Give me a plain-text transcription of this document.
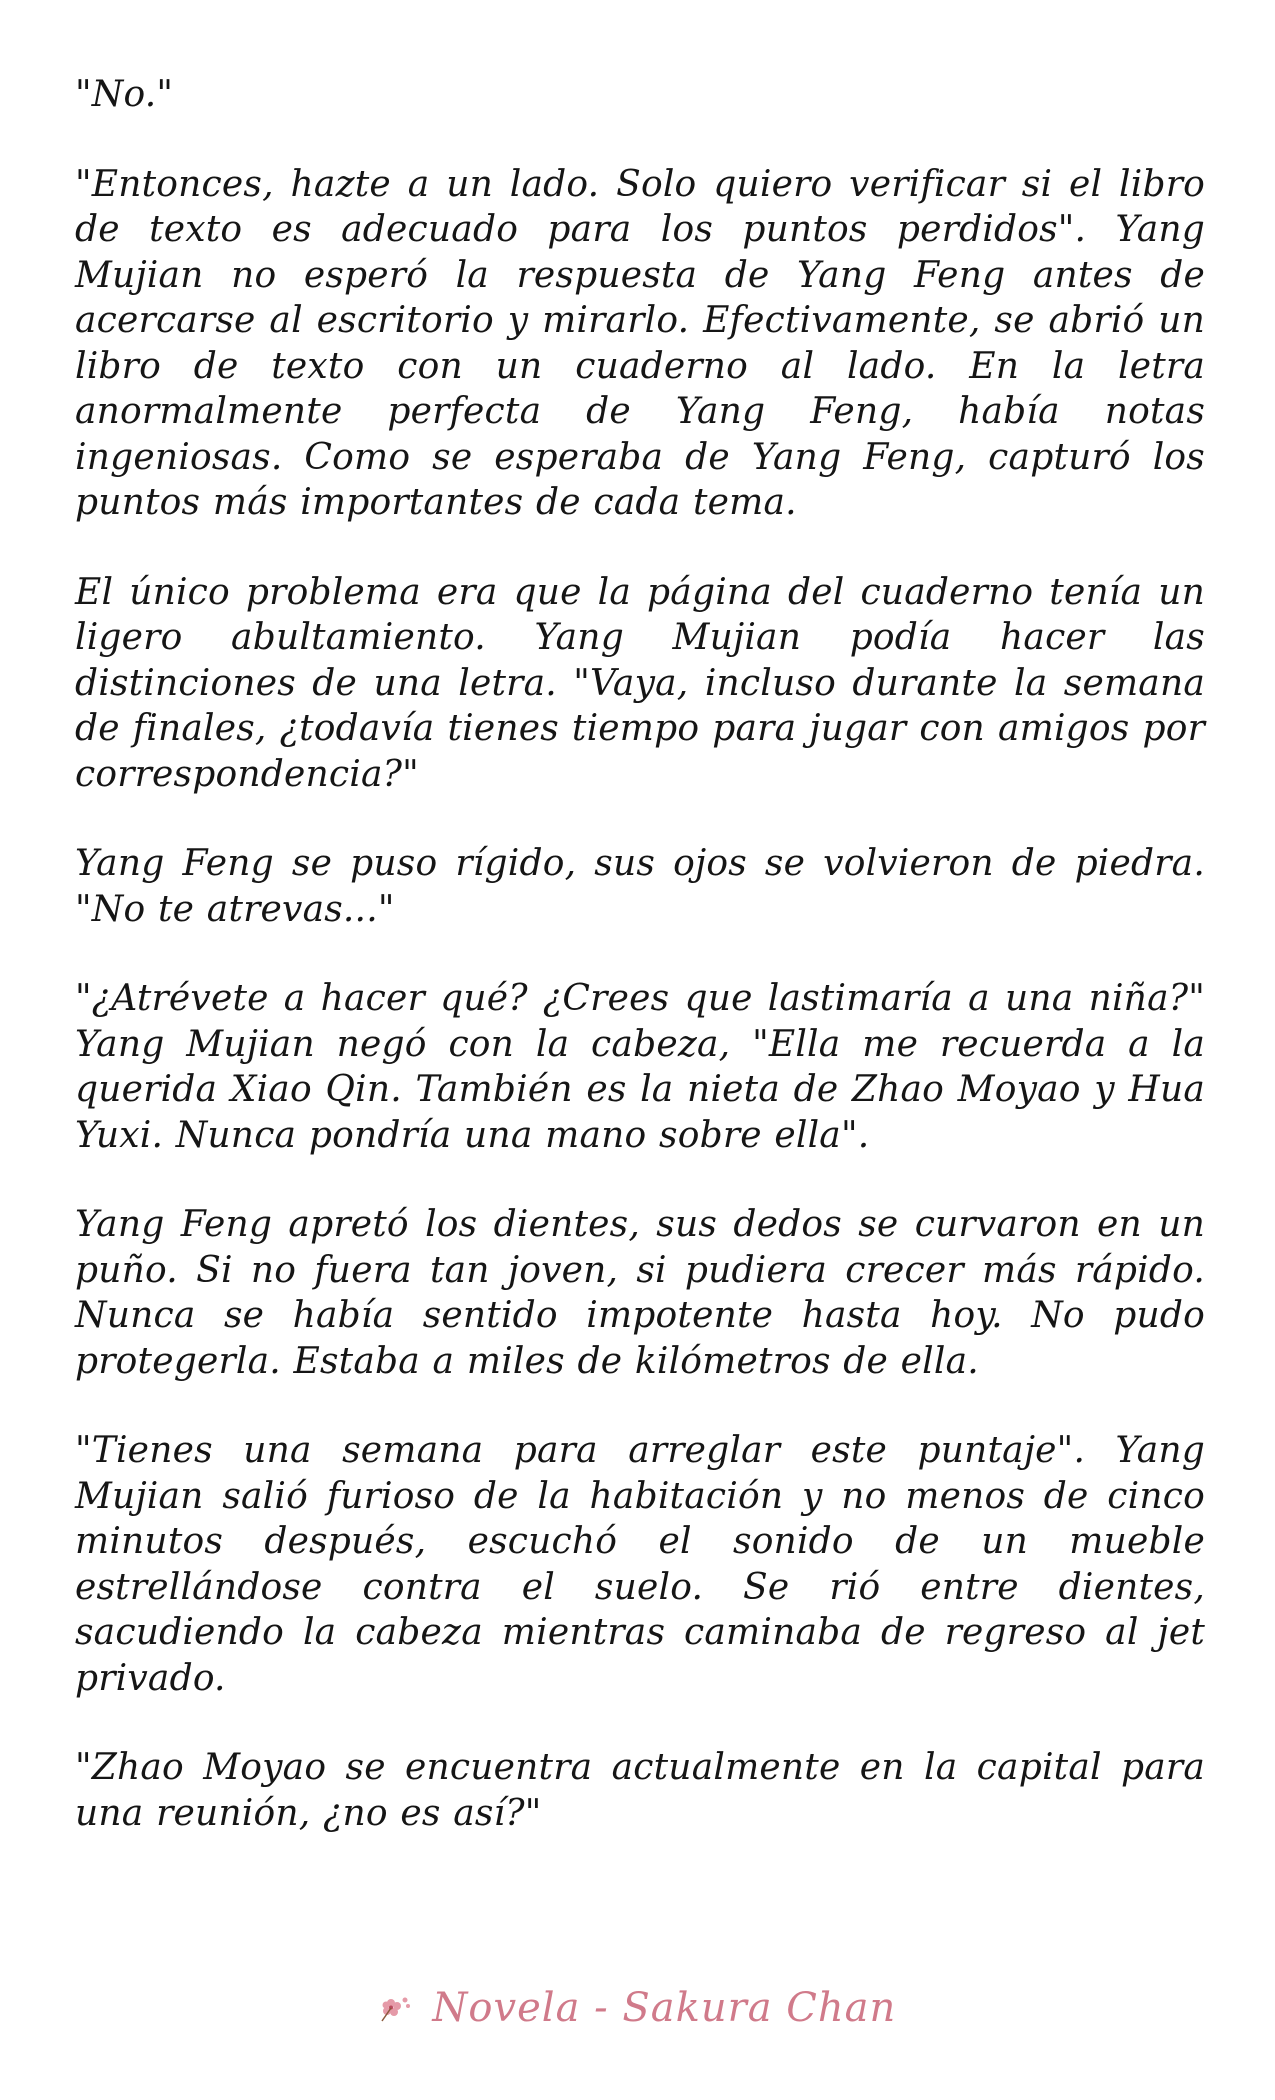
"No."

"Entonces, hazte a un lado. Solo quiero verificar si el libro de texto es adecuado para los puntos perdidos". Yang Mujian no esperó la respuesta de Yang Feng antes de acercarse al escritorio y mirarlo. Efectivamente, se abrió un libro de texto con un cuaderno al lado. En la letra anormalmente perfecta de Yang Feng, había notas ingeniosas. Como se esperaba de Yang Feng, capturó los puntos más importantes de cada tema.

El único problema era que la página del cuaderno tenía un ligero abultamiento. Yang Mujian podía hacer las distinciones de una letra. "Vaya, incluso durante la semana de finales, ¿todavía tienes tiempo para jugar con amigos por correspondencia?"

Yang Feng se puso rígido, sus ojos se volvieron de piedra. "No te atrevas..."

"¿Atrévete a hacer qué? ¿Crees que lastimaría a una niña?" Yang Mujian negó con la cabeza, "Ella me recuerda a la querida Xiao Qin. También es la nieta de Zhao Moyao y Hua Yuxi. Nunca pondría una mano sobre ella".

Yang Feng apretó los dientes, sus dedos se curvaron en un puño. Si no fuera tan joven, si pudiera crecer más rápido. Nunca se había sentido impotente hasta hoy. No pudo protegerla. Estaba a miles de kilómetros de ella.

"Tienes una semana para arreglar este puntaje". Yang Mujian salió furioso de la habitación y no menos de cinco minutos después, escuchó el sonido de un mueble estrellándose contra el suelo. Se rió entre dientes, sacudiendo la cabeza mientras caminaba de regreso al jet privado.

"Zhao Moyao se encuentra actualmente en la capital para una reunión, ¿no es así?"

Novela - Sakura Chan
